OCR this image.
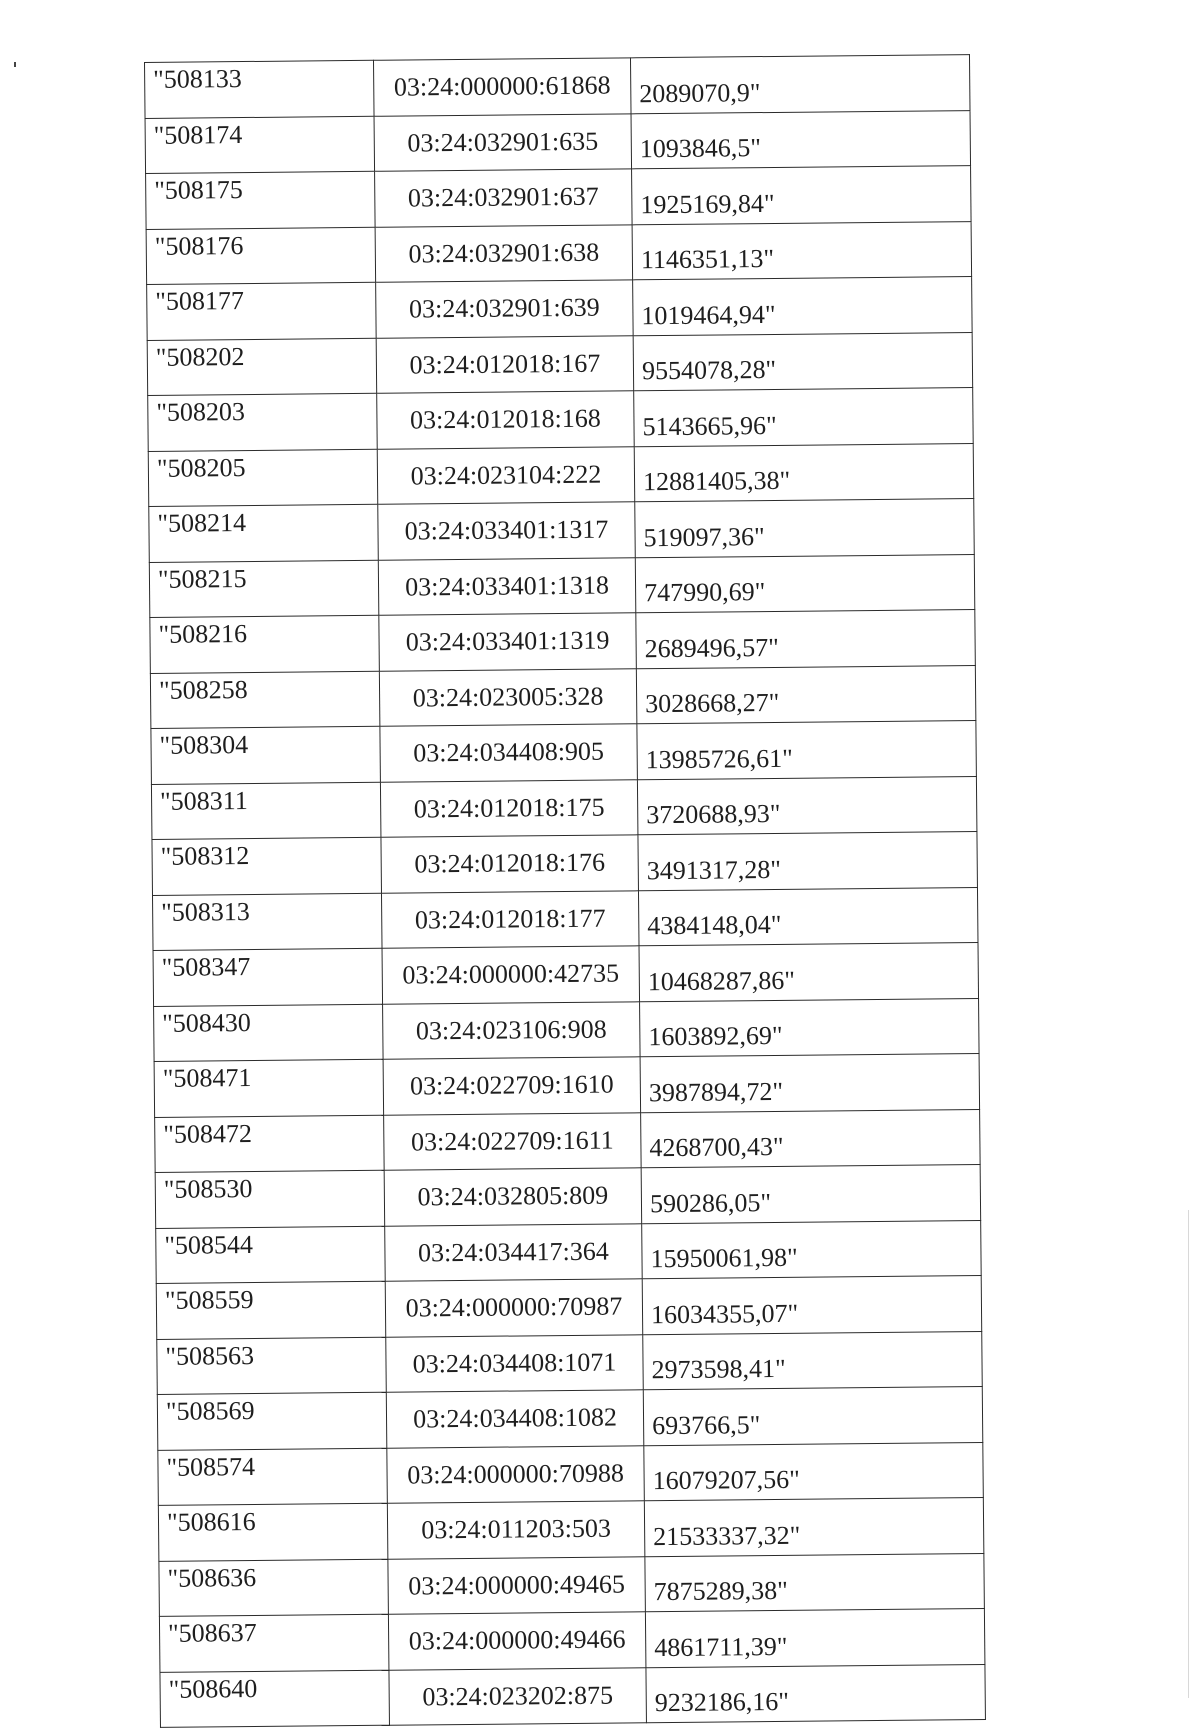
"508133	03:24:000000:61868	2089070,9"
"508174	03:24:032901:635	1093846,5"
"508175	03:24:032901:637	1925169,84"
"508176	03:24:032901:638	1146351,13"
"508177	03:24:032901:639	1019464,94"
"508202	03:24:012018:167	9554078,28"
"508203	03:24:012018:168	5143665,96"
"508205	03:24:023104:222	12881405,38"
"508214	03:24:033401:1317	519097,36"
"508215	03:24:033401:1318	747990,69"
"508216	03:24:033401:1319	2689496,57"
"508258	03:24:023005:328	3028668,27"
"508304	03:24:034408:905	13985726,61"
"508311	03:24:012018:175	3720688,93"
"508312	03:24:012018:176	3491317,28"
"508313	03:24:012018:177	4384148,04"
"508347	03:24:000000:42735	10468287,86"
"508430	03:24:023106:908	1603892,69"
"508471	03:24:022709:1610	3987894,72"
"508472	03:24:022709:1611	4268700,43"
"508530	03:24:032805:809	590286,05"
"508544	03:24:034417:364	15950061,98"
"508559	03:24:000000:70987	16034355,07"
"508563	03:24:034408:1071	2973598,41"
"508569	03:24:034408:1082	693766,5"
"508574	03:24:000000:70988	16079207,56"
"508616	03:24:011203:503	21533337,32"
"508636	03:24:000000:49465	7875289,38"
"508637	03:24:000000:49466	4861711,39"
"508640	03:24:023202:875	9232186,16"
